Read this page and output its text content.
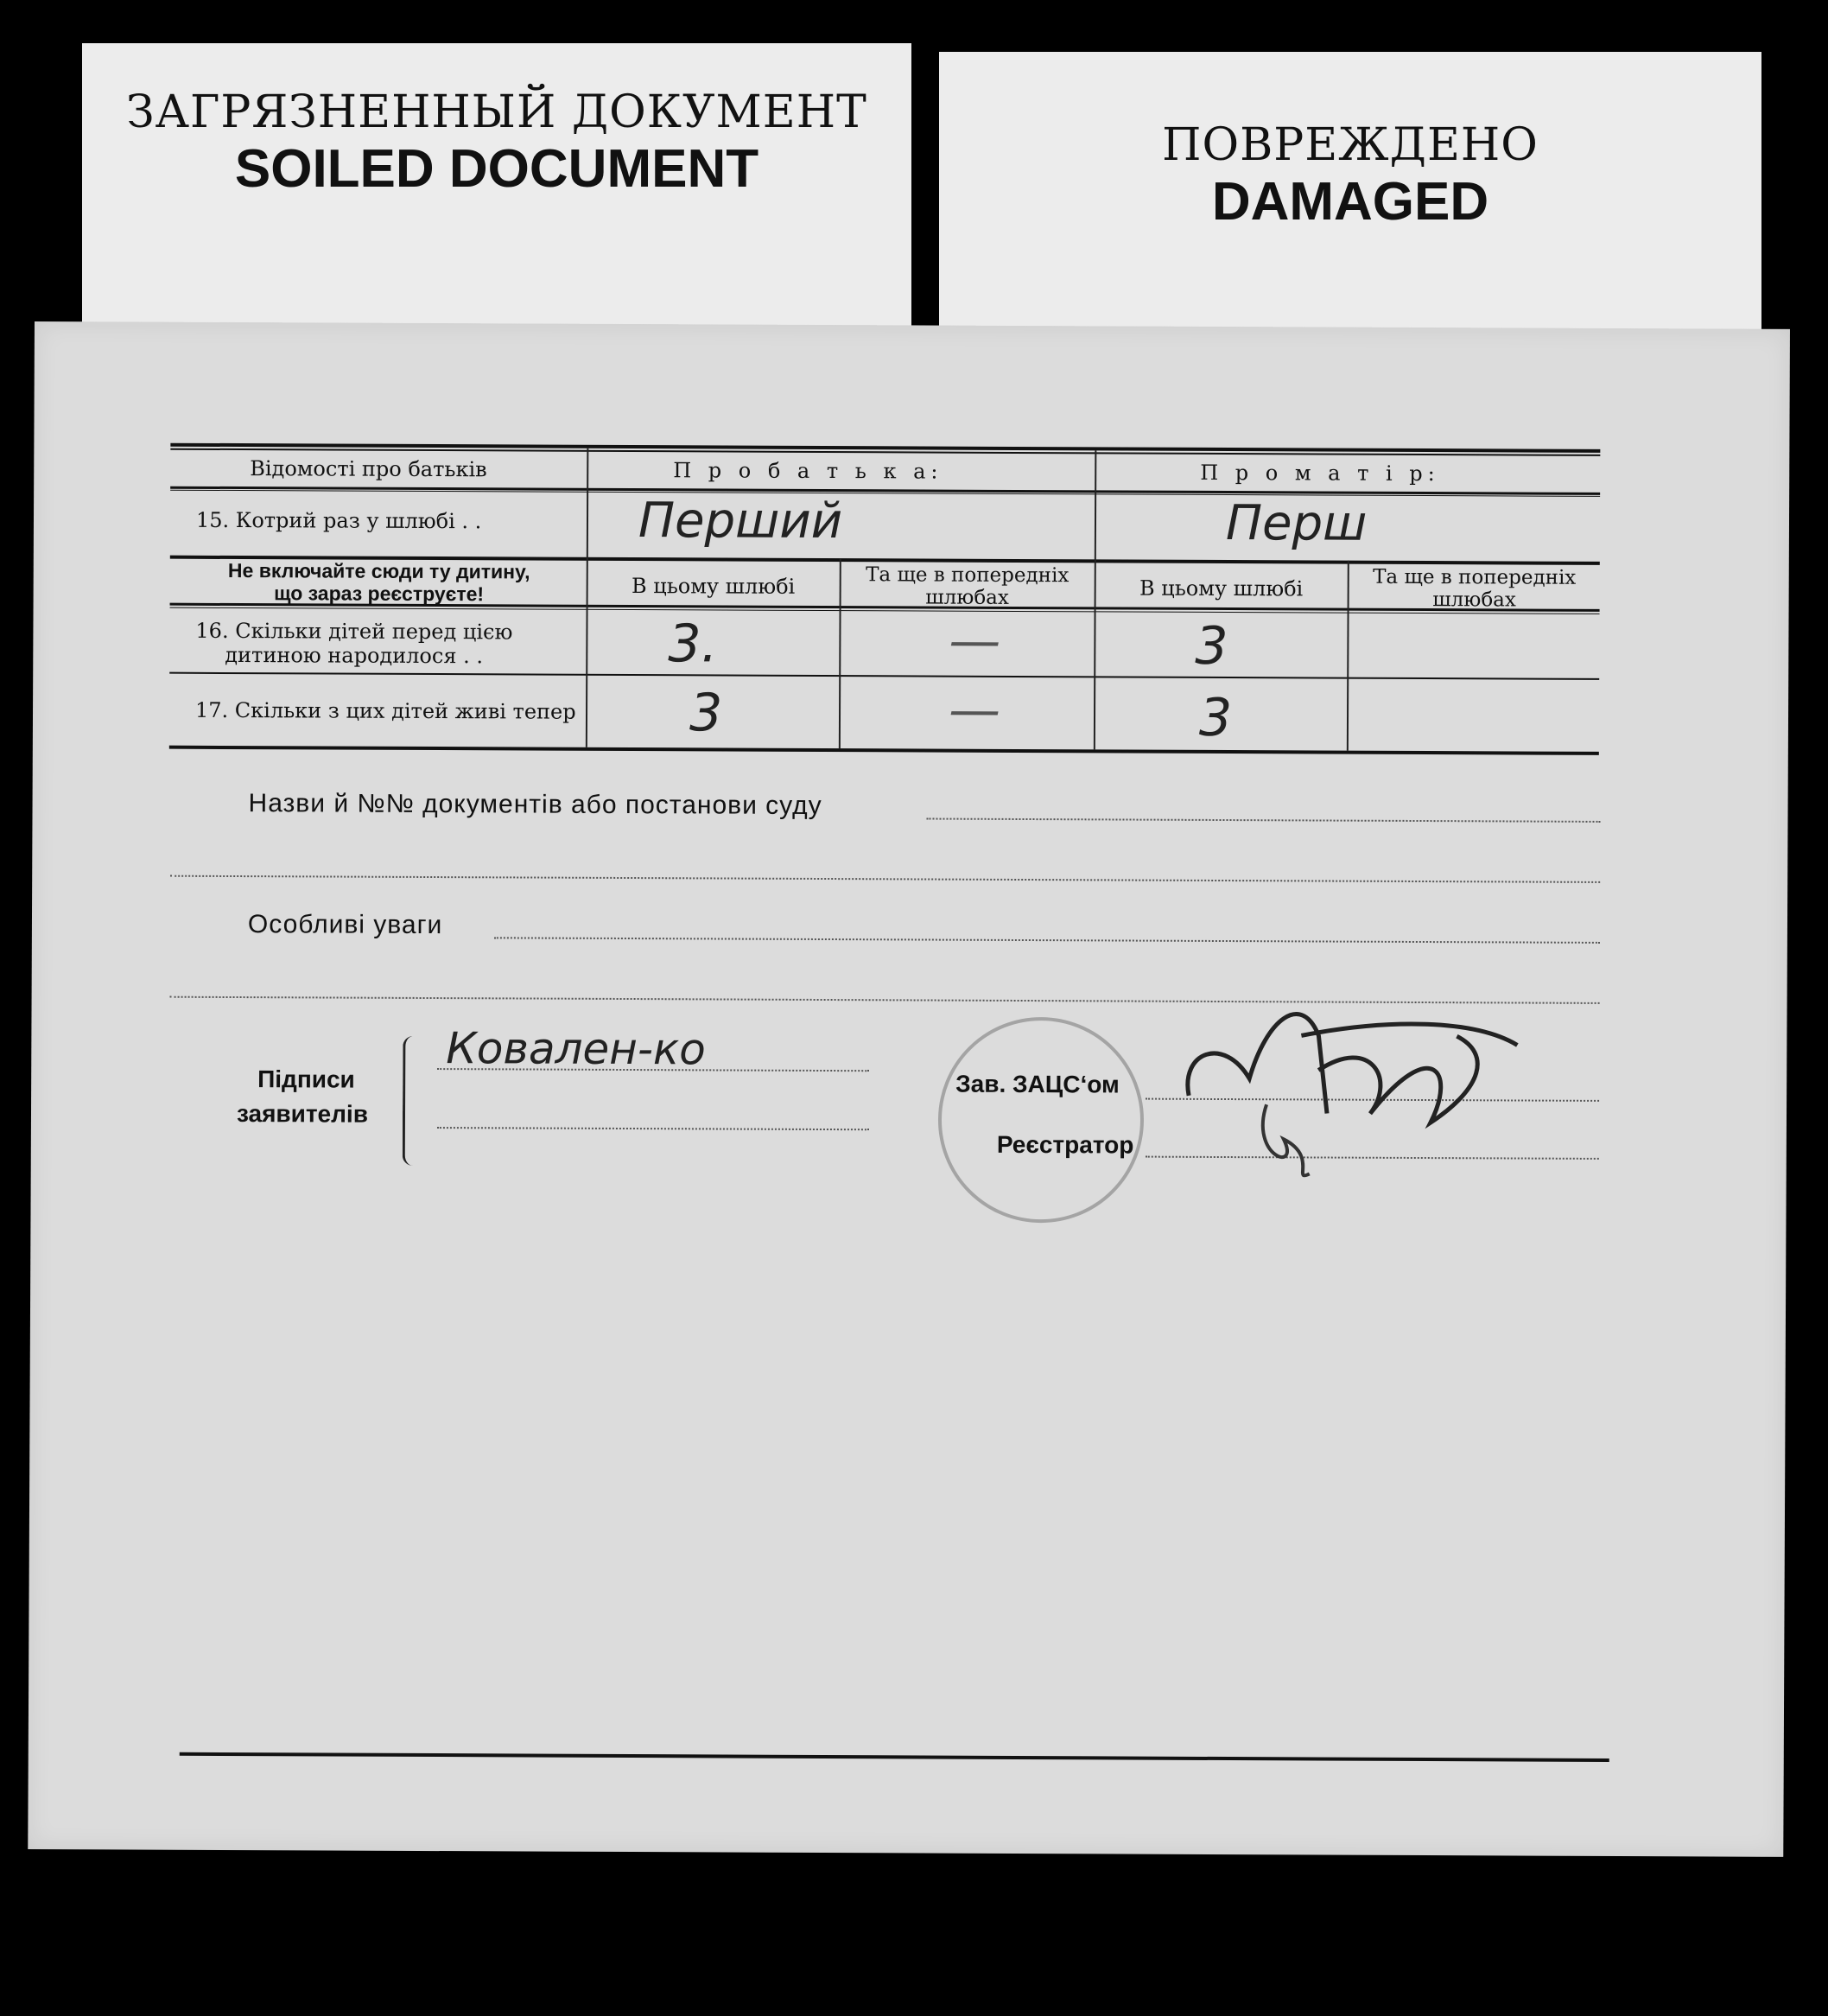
ЗАГРЯЗНЕННЫЙ ДОКУМЕНТ
SOILED DOCUMENT	ПОВРЕЖДЕНО
DAMAGED
Відомості про батьків	П р о б а т ь к а:	П р о м а т і р:
15. Котрий раз у шлюбі . .	Перший	Перш
Не включайте сюди ту дитину,
що зараз реєструєте!	В цьому шлюбі	Та ще в попередніх шлюбах	В цьому шлюбі	Та ще в попередніх шлюбах
16. Скільки дітей перед цією
дитиною народилося . .	3.	—	3
17. Скільки з цих дітей живі тепер 3	—	3
Назви й №№ документів або постанови суду
Особливі уваги
Підписи
заявителів
Ковален-ко
Зав. ЗАЦС‘ом
Реєстратор
